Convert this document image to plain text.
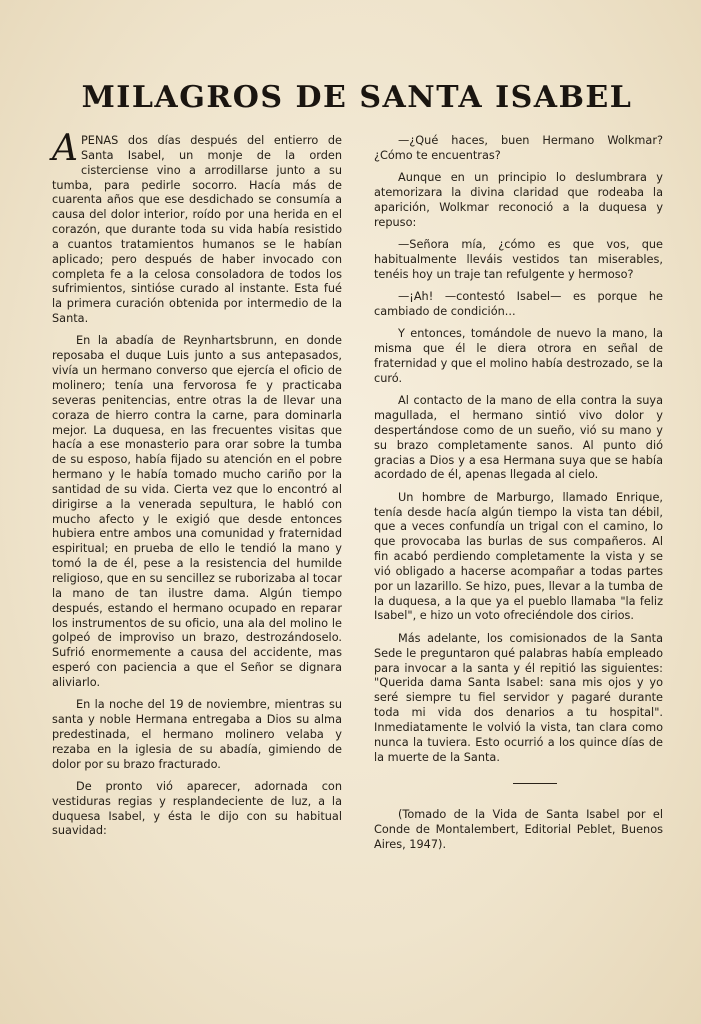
MILAGROS DE SANTA ISABEL

APENAS dos días después del entierro de Santa Isabel, un monje de la orden cisterciense vino a arrodillarse junto a su tumba, para pedirle socorro. Hacía más de cuarenta años que ese desdichado se consumía a causa del dolor interior, roído por una herida en el corazón, que durante toda su vida había resistido a cuantos tratamientos humanos se le habían aplicado; pero después de haber invocado con completa fe a la celosa consoladora de todos los sufrimientos, sintióse curado al instante. Esta fué la primera curación obtenida por intermedio de la Santa.

En la abadía de Reynhartsbrunn, en donde reposaba el duque Luis junto a sus antepasados, vivía un hermano converso que ejercía el oficio de molinero; tenía una fervorosa fe y practicaba severas penitencias, entre otras la de llevar una coraza de hierro contra la carne, para dominarla mejor. La duquesa, en las frecuentes visitas que hacía a ese monasterio para orar sobre la tumba de su esposo, había fijado su atención en el pobre hermano y le había tomado mucho cariño por la santidad de su vida. Cierta vez que lo encontró al dirigirse a la venerada sepultura, le habló con mucho afecto y le exigió que desde entonces hubiera entre ambos una comunidad y fraternidad espiritual; en prueba de ello le tendió la mano y tomó la de él, pese a la resistencia del humilde religioso, que en su sencillez se ruborizaba al tocar la mano de tan ilustre dama. Algún tiempo después, estando el hermano ocupado en reparar los instrumentos de su oficio, una ala del molino le golpeó de improviso un brazo, destrozándoselo. Sufrió enormemente a causa del accidente, mas esperó con paciencia a que el Señor se dignara aliviarlo.

En la noche del 19 de noviembre, mientras su santa y noble Hermana entregaba a Dios su alma predestinada, el hermano molinero velaba y rezaba en la iglesia de su abadía, gimiendo de dolor por su brazo fracturado.

De pronto vió aparecer, adornada con vestiduras regias y resplandeciente de luz, a la duquesa Isabel, y ésta le dijo con su habitual suavidad:

—¿Qué haces, buen Hermano Wolkmar? ¿Cómo te encuentras?

Aunque en un principio lo deslumbrara y atemorizara la divina claridad que rodeaba la aparición, Wolkmar reconoció a la duquesa y repuso:

—Señora mía, ¿cómo es que vos, que habitualmente lleváis vestidos tan miserables, tenéis hoy un traje tan refulgente y hermoso?

—¡Ah! —contestó Isabel— es porque he cambiado de condición...

Y entonces, tomándole de nuevo la mano, la misma que él le diera otrora en señal de fraternidad y que el molino había destrozado, se la curó.

Al contacto de la mano de ella contra la suya magullada, el hermano sintió vivo dolor y despertándose como de un sueño, vió su mano y su brazo completamente sanos. Al punto dió gracias a Dios y a esa Hermana suya que se había acordado de él, apenas llegada al cielo.

Un hombre de Marburgo, llamado Enrique, tenía desde hacía algún tiempo la vista tan débil, que a veces confundía un trigal con el camino, lo que provocaba las burlas de sus compañeros. Al fin acabó perdiendo completamente la vista y se vió obligado a hacerse acompañar a todas partes por un lazarillo. Se hizo, pues, llevar a la tumba de la duquesa, a la que ya el pueblo llamaba "la feliz Isabel", e hizo un voto ofreciéndole dos cirios.

Más adelante, los comisionados de la Santa Sede le preguntaron qué palabras había empleado para invocar a la santa y él repitió las siguientes: "Querida dama Santa Isabel: sana mis ojos y yo seré siempre tu fiel servidor y pagaré durante toda mi vida dos denarios a tu hospital". Inmediatamente le volvió la vista, tan clara como nunca la tuviera. Esto ocurrió a los quince días de la muerte de la Santa.

(Tomado de la Vida de Santa Isabel por el Conde de Montalembert, Editorial Peblet, Buenos Aires, 1947).
